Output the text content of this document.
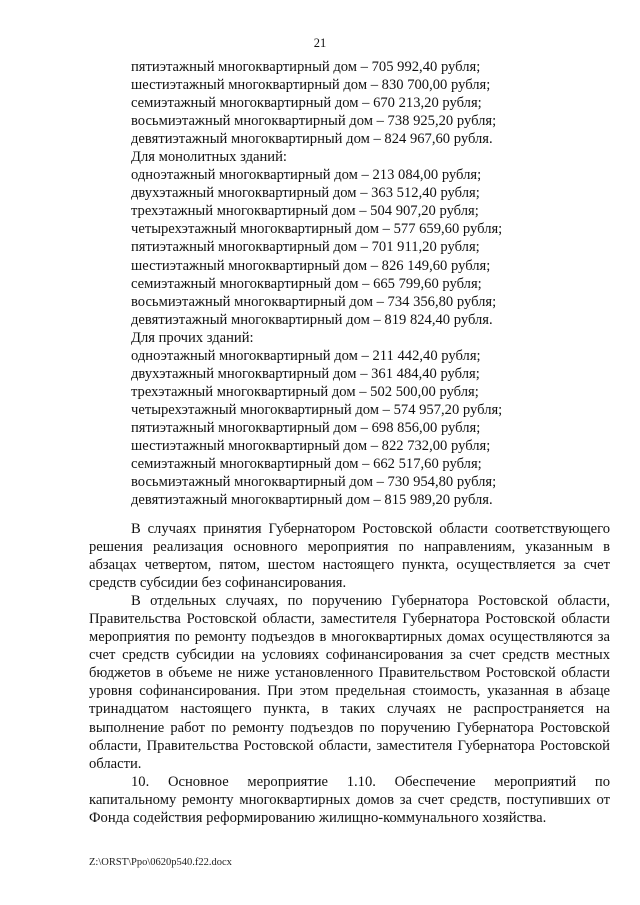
21
пятиэтажный многоквартирный дом – 705 992,40 рубля;
шестиэтажный многоквартирный дом – 830 700,00 рубля;
семиэтажный многоквартирный дом – 670 213,20 рубля;
восьмиэтажный многоквартирный дом – 738 925,20 рубля;
девятиэтажный многоквартирный дом – 824 967,60 рубля.
Для монолитных зданий:
одноэтажный многоквартирный дом – 213 084,00 рубля;
двухэтажный многоквартирный дом – 363 512,40 рубля;
трехэтажный многоквартирный дом – 504 907,20 рубля;
четырехэтажный многоквартирный дом – 577 659,60 рубля;
пятиэтажный многоквартирный дом – 701 911,20 рубля;
шестиэтажный многоквартирный дом – 826 149,60 рубля;
семиэтажный многоквартирный дом – 665 799,60 рубля;
восьмиэтажный многоквартирный дом – 734 356,80 рубля;
девятиэтажный многоквартирный дом – 819 824,40 рубля.
Для прочих зданий:
одноэтажный многоквартирный дом – 211 442,40 рубля;
двухэтажный многоквартирный дом – 361 484,40 рубля;
трехэтажный многоквартирный дом – 502 500,00 рубля;
четырехэтажный многоквартирный дом – 574 957,20 рубля;
пятиэтажный многоквартирный дом – 698 856,00 рубля;
шестиэтажный многоквартирный дом – 822 732,00 рубля;
семиэтажный многоквартирный дом – 662 517,60 рубля;
восьмиэтажный многоквартирный дом – 730 954,80 рубля;
девятиэтажный многоквартирный дом – 815 989,20 рубля.

В случаях принятия Губернатором Ростовской области соответствующего решения реализация основного мероприятия по направлениям, указанным в абзацах четвертом, пятом, шестом настоящего пункта, осуществляется за счет средств субсидии без софинансирования.

В отдельных случаях, по поручению Губернатора Ростовской области, Правительства Ростовской области, заместителя Губернатора Ростовской области мероприятия по ремонту подъездов в многоквартирных домах осуществляются за счет средств субсидии на условиях софинансирования за счет средств местных бюджетов в объеме не ниже установленного Правительством Ростовской области уровня софинансирования. При этом предельная стоимость, указанная в абзаце тринадцатом настоящего пункта, в таких случаях не распространяется на выполнение работ по ремонту подъездов по поручению Губернатора Ростовской области, Правительства Ростовской области, заместителя Губернатора Ростовской области.

10. Основное мероприятие 1.10. Обеспечение мероприятий по капитальному ремонту многоквартирных домов за счет средств, поступивших от Фонда содействия реформированию жилищно-коммунального хозяйства.

Z:\ORST\Ppo\0620p540.f22.docx
